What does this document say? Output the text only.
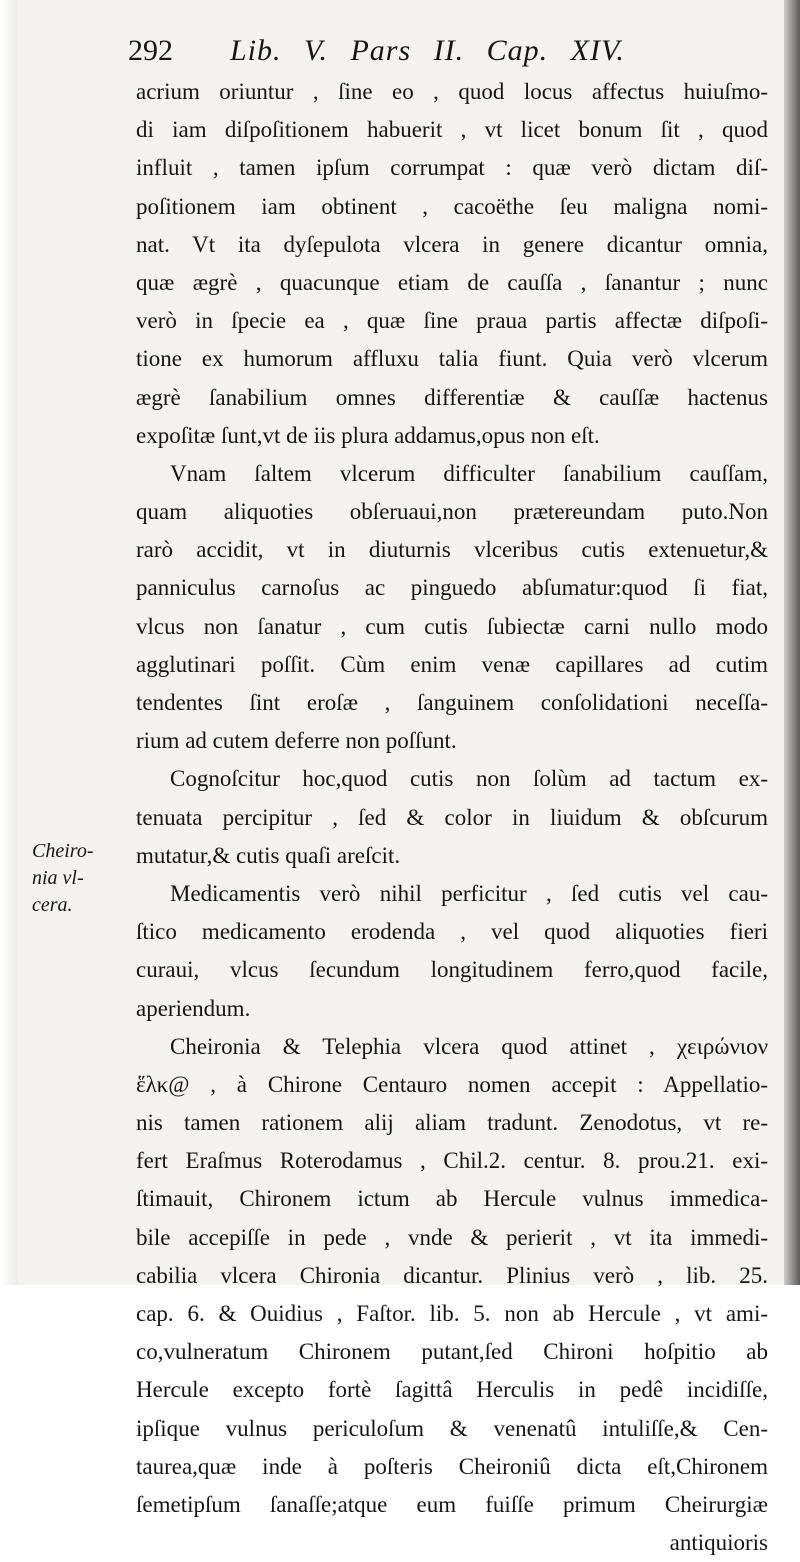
292 Lib. V. Pars II. Cap. XIV.
acrium oriuntur , ſine eo , quod locus affectus huiuſmo-
di iam diſpoſitionem habuerit , vt licet bonum ſit , quod
influit , tamen ipſum corrumpat : quæ verò dictam diſ-
poſitionem iam obtinent , cacoëthe ſeu maligna nomi-
nat. Vt ita dyſepulota vlcera in genere dicantur omnia,
quæ ægrè , quacunque etiam de cauſſa , ſanantur ; nunc
verò in ſpecie ea , quæ ſine praua partis affectæ diſpoſi-
tione ex humorum affluxu talia fiunt. Quia verò vlcerum
ægrè ſanabilium omnes differentiæ & cauſſæ hactenus
expoſitæ ſunt,vt de iis plura addamus,opus non eſt.
Vnam ſaltem vlcerum difficulter ſanabilium cauſſam,
quam aliquoties obſeruaui,non prætereundam puto.Non
rarò accidit, vt in diuturnis vlceribus cutis extenuetur,&
panniculus carnoſus ac pinguedo abſumatur:quod ſi fiat,
vlcus non ſanatur , cum cutis ſubiectæ carni nullo modo
agglutinari poſſit. Cùm enim venæ capillares ad cutim
tendentes ſint eroſæ , ſanguinem conſolidationi neceſſa-
rium ad cutem deferre non poſſunt.
Cognoſcitur hoc,quod cutis non ſolùm ad tactum ex-
tenuata percipitur , ſed & color in liuidum & obſcurum
mutatur,& cutis quaſi areſcit.
Medicamentis verò nihil perficitur , ſed cutis vel cau-
ſtico medicamento erodenda , vel quod aliquoties fieri
curaui, vlcus ſecundum longitudinem ferro,quod facile,
aperiendum.
Cheironia & Telephia vlcera quod attinet , χειρώνιον
ἕλκ@ , à Chirone Centauro nomen accepit : Appellatio-
nis tamen rationem alij aliam tradunt. Zenodotus, vt re-
fert Eraſmus Roterodamus , Chil.2. centur. 8. prou.21. exi-
ſtimauit, Chironem ictum ab Hercule vulnus immedica-
bile accepiſſe in pede , vnde & perierit , vt ita immedi-
cabilia vlcera Chironia dicantur. Plinius verò , lib. 25.
cap. 6. & Ouidius , Faſtor. lib. 5. non ab Hercule , vt ami-
co,vulneratum Chironem putant,ſed Chironi hoſpitio ab
Hercule excepto fortè ſagittâ Herculis in pedê incidiſſe,
ipſique vulnus periculoſum & venenatû intuliſſe,& Cen-
taurea,quæ inde à poſteris Cheironiû dicta eſt,Chironem
ſemetipſum ſanaſſe;atque eum fuiſſe primum Cheirurgiæ
antiquioris
Cheiro-
nia vl-
cera.
